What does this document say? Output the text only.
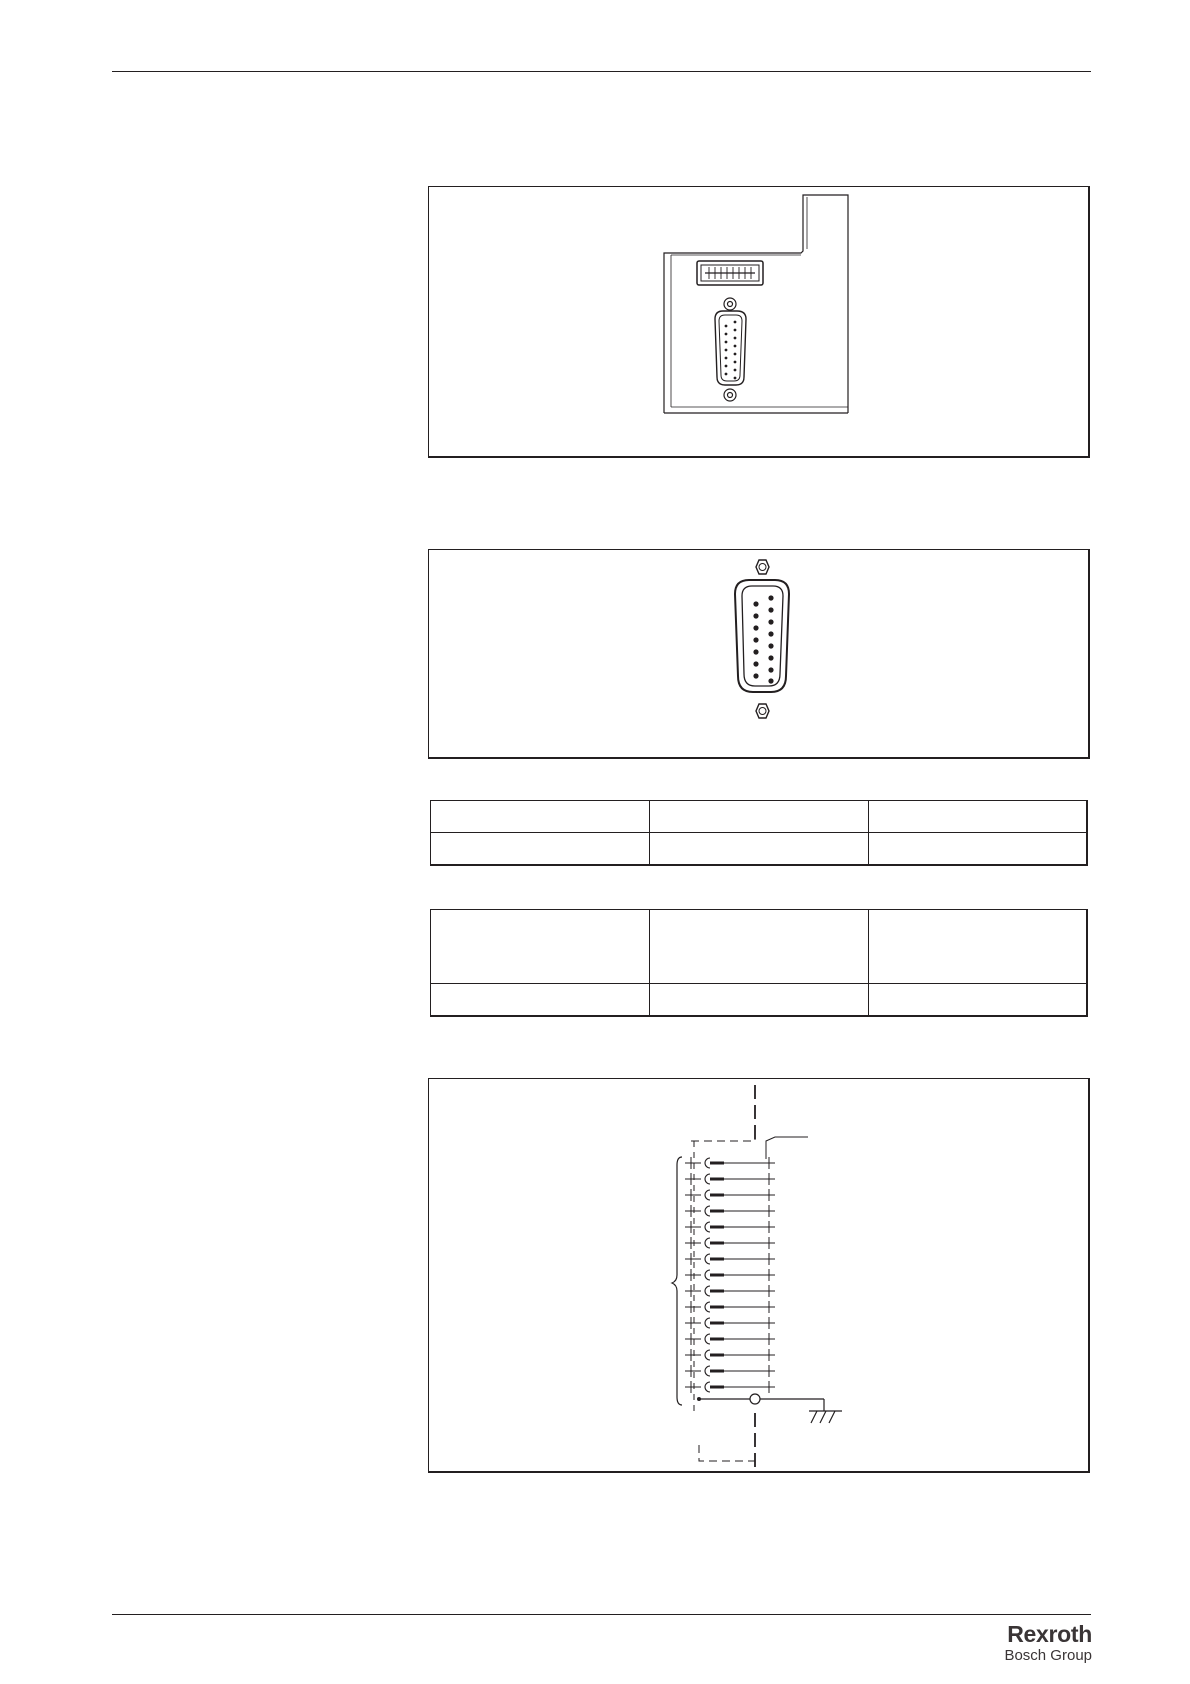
Rexroth
Bosch Group
